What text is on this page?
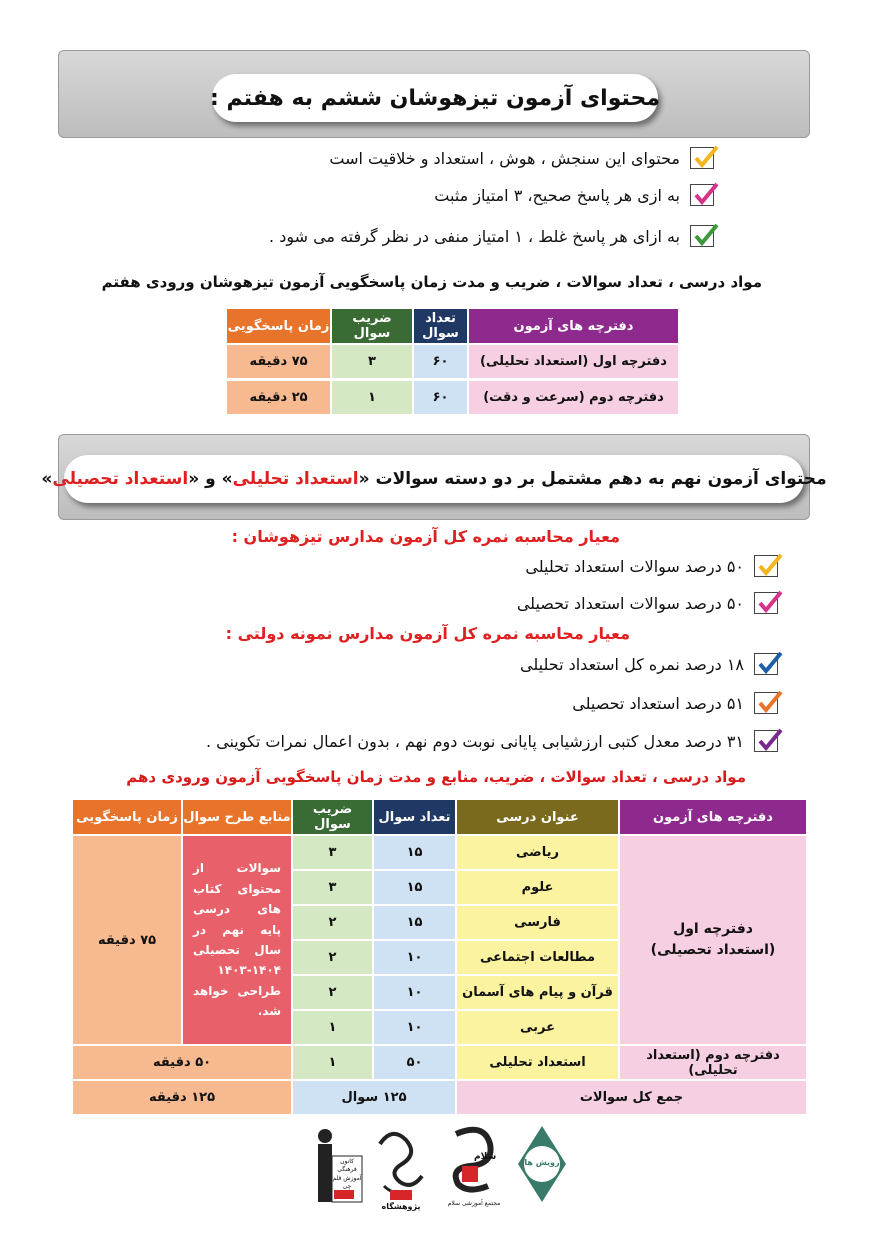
محتوای آزمون تیزهوشان ششم به هفتم :
محتوای این سنجش ، هوش ، استعداد و خلاقیت است
به ازی هر پاسخ صحیح، ۳ امتیاز مثبت
به ازای هر پاسخ غلط ، ۱ امتیاز منفی در نظر گرفته می شود .
مواد درسی ، تعداد سوالات ، ضریب و مدت زمان پاسخگویی آزمون تیزهوشان ورودی هفتم
دفترچه های آزمون
تعداد سوال
ضریب سوال
زمان پاسخگویی
دفترچه اول (استعداد تحلیلی)
۶۰
۳
۷۵ دقیقه
دفترچه دوم (سرعت و دقت)
۶۰
۱
۲۵ دقیقه
محتوای آزمون نهم به دهم مشتمل بر دو دسته سوالات «
استعداد تحلیلی
» و «
استعداد تحصیلی
»
معیار محاسبه نمره کل آزمون مدارس تیزهوشان :
۵۰ درصد سوالات استعداد تحلیلی
۵۰ درصد سوالات استعداد تحصیلی
معیار محاسبه نمره کل آزمون مدارس نمونه دولتی :
۱۸ درصد نمره کل استعداد تحلیلی
۵۱ درصد استعداد تحصیلی
۳۱ درصد معدل کتبی ارزشیابی پایانی نوبت دوم نهم ، بدون اعمال نمرات تکوینی .
مواد درسی ، تعداد سوالات ، ضریب، منابع و مدت زمان پاسخگویی آزمون ورودی دهم
دفترچه های آزمون
عنوان درسی
تعداد سوال
ضریب سوال
منابع طرح سوال
زمان پاسخگویی
دفترچه اول
(استعداد تحصیلی)
ریاضی
علوم
فارسی
مطالعات اجتماعی
قرآن و پیام های آسمان
عربی
۱۵
۱۵
۱۵
۱۰
۱۰
۱۰
۳
۳
۲
۲
۲
۱
سوالات از محتوای کتاب های درسی پایه نهم در سال تحصیلی ۱۴۰۴-۱۴۰۳ طراحی خواهد شد.
۷۵ دقیقه
دفترچه دوم (استعداد تحلیلی)
استعداد تحلیلی
۵۰
۱
۵۰ دقیقه
جمع کل سوالات
۱۲۵ سوال
۱۲۵ دقیقه
کانون فرهنگی آموزش قلم چی
پژوهشگاه
سلام
مجتمع آموزشی سلام
رویش ها
